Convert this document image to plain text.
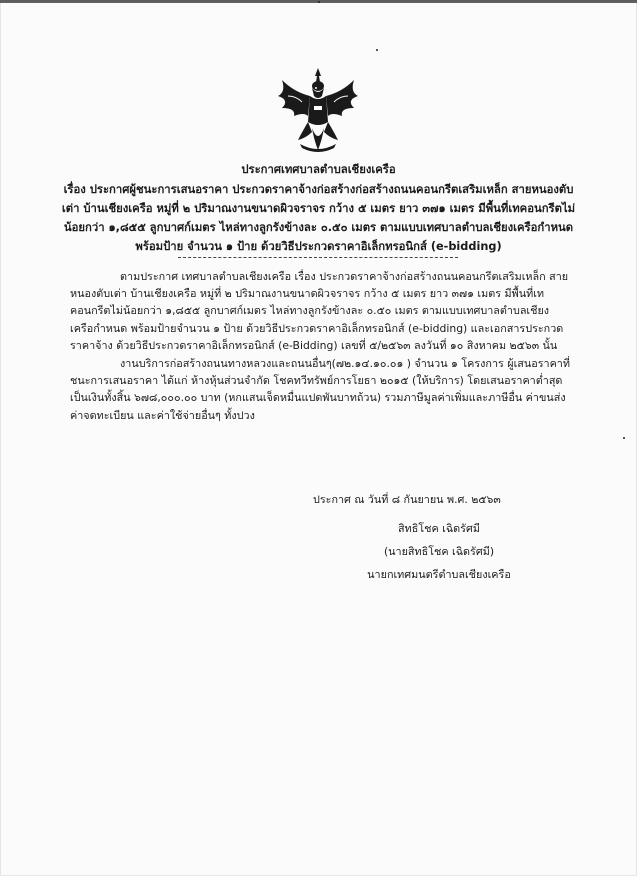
ประกาศเทศบาลตำบลเชียงเครือ
เรื่อง ประกาศผู้ชนะการเสนอราคา ประกวดราคาจ้างก่อสร้างก่อสร้างถนนคอนกรีตเสริมเหล็ก สายหนองตับเต่า บ้านเชียงเครือ หมู่ที่ ๒ ปริมาณงานขนาดผิวจราจร กว้าง ๕ เมตร ยาว ๓๗๑ เมตร มีพื้นที่เทคอนกรีตไม่น้อยกว่า ๑,๘๕๕ ลูกบาศก์เมตร ไหล่ทางลูกรังข้างละ ๐.๕๐ เมตร ตามแบบเทศบาลตำบลเชียงเครือกำหนด พร้อมป้าย จำนวน ๑ ป้าย ด้วยวิธีประกวดราคาอิเล็กทรอนิกส์ (e-bidding)

ตามประกาศ เทศบาลตำบลเชียงเครือ เรื่อง ประกวดราคาจ้างก่อสร้างถนนคอนกรีตเสริมเหล็ก สายหนองตับเต่า บ้านเชียงเครือ หมู่ที่ ๒ ปริมาณงานขนาดผิวจราจร กว้าง ๕ เมตร ยาว ๓๗๑ เมตร มีพื้นที่เทคอนกรีตไม่น้อยกว่า ๑,๘๕๕ ลูกบาศก์เมตร ไหล่ทางลูกรังข้างละ ๐.๕๐ เมตร ตามแบบเทศบาลตำบลเชียงเครือกำหนด พร้อมป้ายจำนวน ๑ ป้าย ด้วยวิธีประกวดราคาอิเล็กทรอนิกส์ (e-bidding) และเอกสารประกวดราคาจ้าง ด้วยวิธีประกวดราคาอิเล็กทรอนิกส์ (e-Bidding) เลขที่ ๕/๒๕๖๓ ลงวันที่ ๑๐ สิงหาคม ๒๕๖๓ นั้น

งานบริการก่อสร้างถนนทางหลวงและถนนอื่นๆ(๗๒.๑๔.๑๐.๐๑ ) จำนวน ๑ โครงการ ผู้เสนอราคาที่ชนะการเสนอราคา ได้แก่ ห้างหุ้นส่วนจำกัด โชคทวีทรัพย์การโยธา ๒๐๑๕ (ให้บริการ) โดยเสนอราคาต่ำสุด เป็นเงินทั้งสิ้น ๖๗๘,๐๐๐.๐๐ บาท (หกแสนเจ็ดหมื่นแปดพันบาทถ้วน) รวมภาษีมูลค่าเพิ่มและภาษีอื่น ค่าขนส่ง ค่าจดทะเบียน และค่าใช้จ่ายอื่นๆ ทั้งปวง

ประกาศ ณ วันที่ ๘ กันยายน พ.ศ. ๒๕๖๓
สิทธิโชค เฉิดรัศมี
(นายสิทธิโชค เฉิดรัศมี)
นายกเทศมนตรีตำบลเชียงเครือ
